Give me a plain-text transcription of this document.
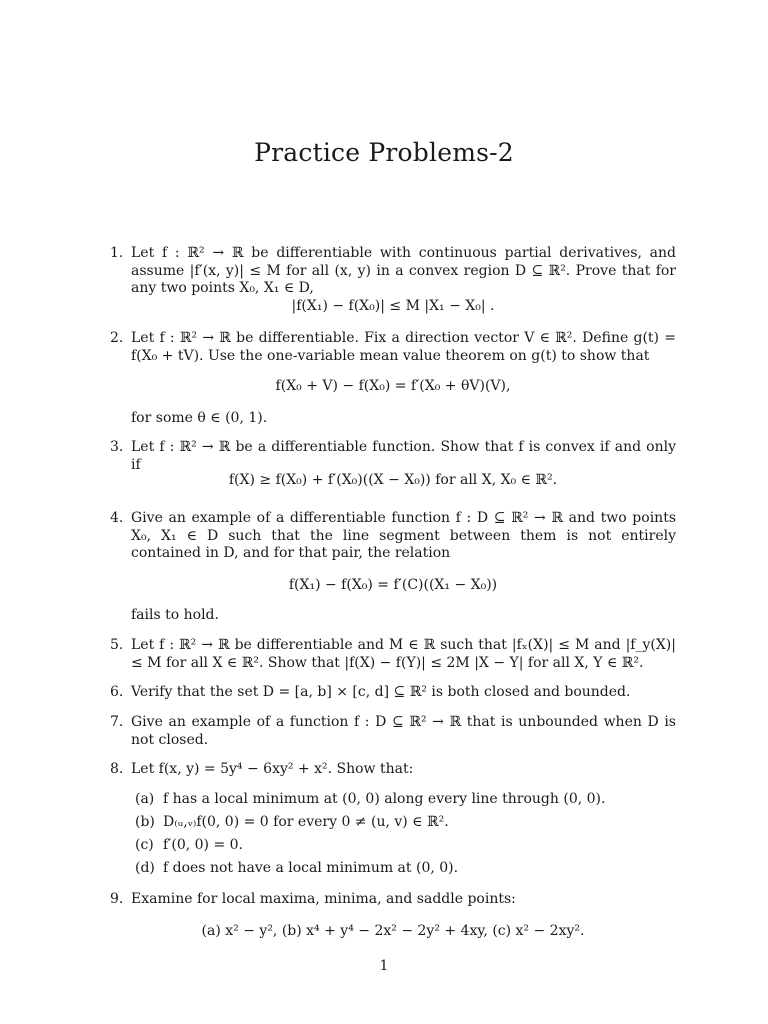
Practice Problems-2
1. Let f : ℝ² → ℝ be differentiable with continuous partial derivatives, and assume |f′(x, y)| ≤ M for all (x, y) in a convex region D ⊆ ℝ². Prove that for any two points X₀, X₁ ∈ D,
|f(X₁) − f(X₀)| ≤ M |X₁ − X₀| .
2. Let f : ℝ² → ℝ be differentiable. Fix a direction vector V ∈ ℝ². Define g(t) = f(X₀ + tV). Use the one-variable mean value theorem on g(t) to show that
f(X₀ + V) − f(X₀) = f′(X₀ + θV)(V),
for some θ ∈ (0, 1).
3. Let f : ℝ² → ℝ be a differentiable function. Show that f is convex if and only if
f(X) ≥ f(X₀) + f′(X₀)((X − X₀)) for all X, X₀ ∈ ℝ².
4. Give an example of a differentiable function f : D ⊆ ℝ² → ℝ and two points X₀, X₁ ∈ D such that the line segment between them is not entirely contained in D, and for that pair, the relation
f(X₁) − f(X₀) = f′(C)((X₁ − X₀))
fails to hold.
5. Let f : ℝ² → ℝ be differentiable and M ∈ ℝ such that |fₓ(X)| ≤ M and |f_y(X)| ≤ M for all X ∈ ℝ². Show that |f(X) − f(Y)| ≤ 2M |X − Y| for all X, Y ∈ ℝ².
6. Verify that the set D = [a, b] × [c, d] ⊆ ℝ² is both closed and bounded.
7. Give an example of a function f : D ⊆ ℝ² → ℝ that is unbounded when D is not closed.
8. Let f(x, y) = 5y⁴ − 6xy² + x². Show that:
(a) f has a local minimum at (0, 0) along every line through (0, 0).
(b) D₍ᵤ,ᵥ₎f(0, 0) = 0 for every 0 ≠ (u, v) ∈ ℝ².
(c) f′(0, 0) = 0.
(d) f does not have a local minimum at (0, 0).
9. Examine for local maxima, minima, and saddle points:
(a) x² − y², (b) x⁴ + y⁴ − 2x² − 2y² + 4xy, (c) x² − 2xy².
1
